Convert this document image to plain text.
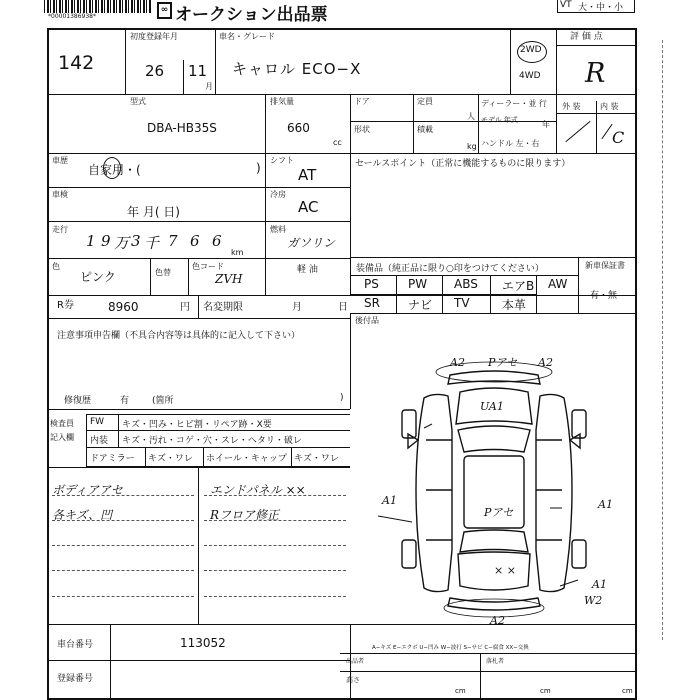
*00001386938*
∞ オークション出品票	VT 大・中・小
142
初度登録年月
26 11
月
車名・グレード
キャロル ECO−X
2WD
4WD
評 価 点
R
型式
DBA-HB35S
排気量
660
cc
ドア	定員
人
ディーラー・並 行
モデル 年式	年
形状	積載
kg ハンドル 左・右
外 装 内 装
C
車歴
自家用・(	)
シフト
AT
セールスポイント（正常に機能するものに限ります）
車検
年 月( 日)
冷房
AC
走行
1 9 万 3 千 7 6 6
km
燃料
ガソリン
軽 油
色
ピンク	色替
色コード
ZVH
装備品（純正品に限り○印をつけてください）	新車保証書
有・無
PS PW ABS エアB AW
SR ナビ TV	本革
R券	8960	円 名変期限	月	日
後付品
注意事項申告欄（不具合内容等は具体的に記入して下さい）
修復歴	有	(箇所	)
検査員
記入欄
FW キズ・凹み・ヒビ割・リペア跡・X要
内装 キズ・汚れ・コゲ・穴・スレ・ヘタリ・破レ
ドアミラー キズ・ワレ ホイール・キャップ キズ・ワレ
ボディアアセ
各キズ、凹
エンドパネル ××
Rフロア修正
A2 Pアセ A2
UA1
A1
Pアセ
A1
× ×
A1
W2
A2
A−キズ E−エクボ U−凹み W−波打 S−サビ C−腐食 XX−交換
車台番号	113052
登録番号
出品者	落札者
高さ
cm	cm	cm
